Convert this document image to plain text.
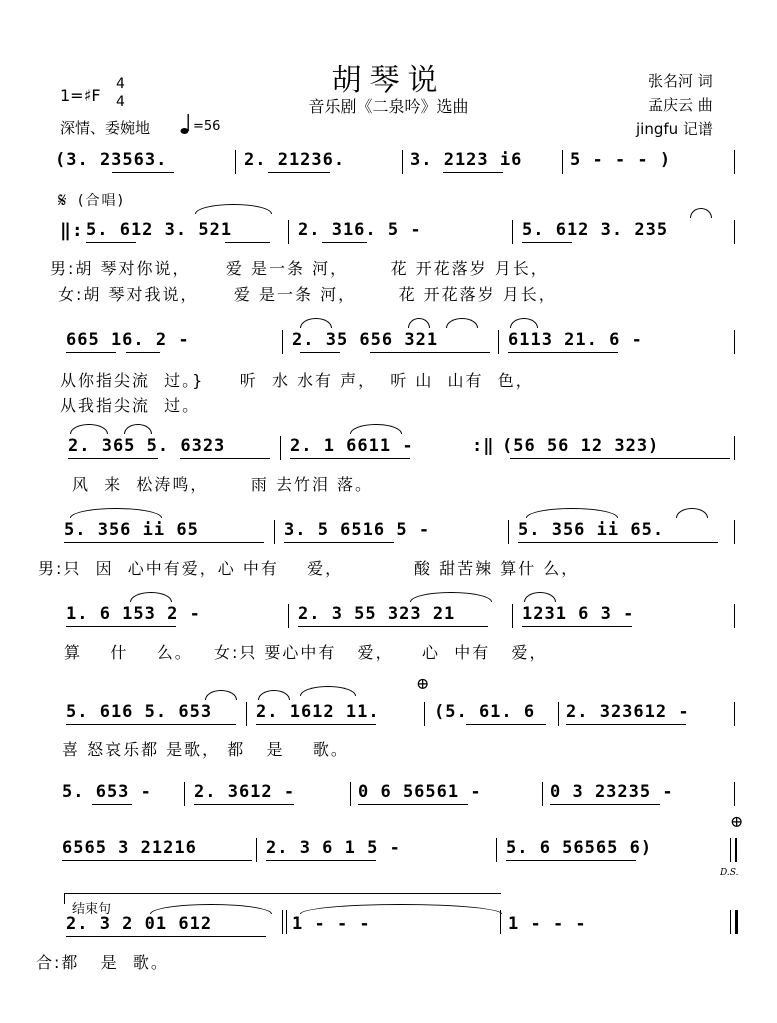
胡琴说
音乐剧《二泉吟》选曲
1=♯F
4
4
深情、委婉地	=56
张名河 词
孟庆云 曲
jingfu 记谱
(3. 23563.	2. 21236.	3. 2123 i6	5 - - - )
𝄋 (合唱)
‖: 5. 612 3. 521	2. 316. 5 -	5. 612 3. 235
男:胡 琴对你说，     爱 是一条 河，      花 开花落岁 月长，
女:胡 琴对我说，     爱 是一条 河，      花 开花落岁 月长，
665 16. 2 -	2. 35 656 321	6113 21. 6 -
从你指尖流  过。}     听  水 水有 声，  听 山  山有  色，
从我指尖流  过。
2. 365 5. 6323	2. 1 6611 -	:‖ (56 56 12 323)
风  来  松涛鸣，      雨 去竹泪 落。
5. 356 ii 65	3. 5 6516 5 -	5. 356 ii 65.
男:只  因  心中有爱，心 中有    爱，          酸 甜苦辣 算什 么，
1. 6 153 2 -	2. 3 55 323 21	1231 6 3 -
算    什    么。   女:只 要心中有   爱，    心  中有   爱，
⊕
5. 616 5. 653	2. 1612 11.	(5. 61. 6 2. 323612 -
喜 怒哀乐都 是歌， 都   是    歌。
5. 653 - 2. 3612 -	0 6 56561 -	0 3 23235 -
⊕
6565 3 21216	2. 3 6 1 5 -	5. 6 56565 6)
D.S.
结束句
2. 3 2 01 612	1 - - -	1 - - -
合:都   是  歌。
